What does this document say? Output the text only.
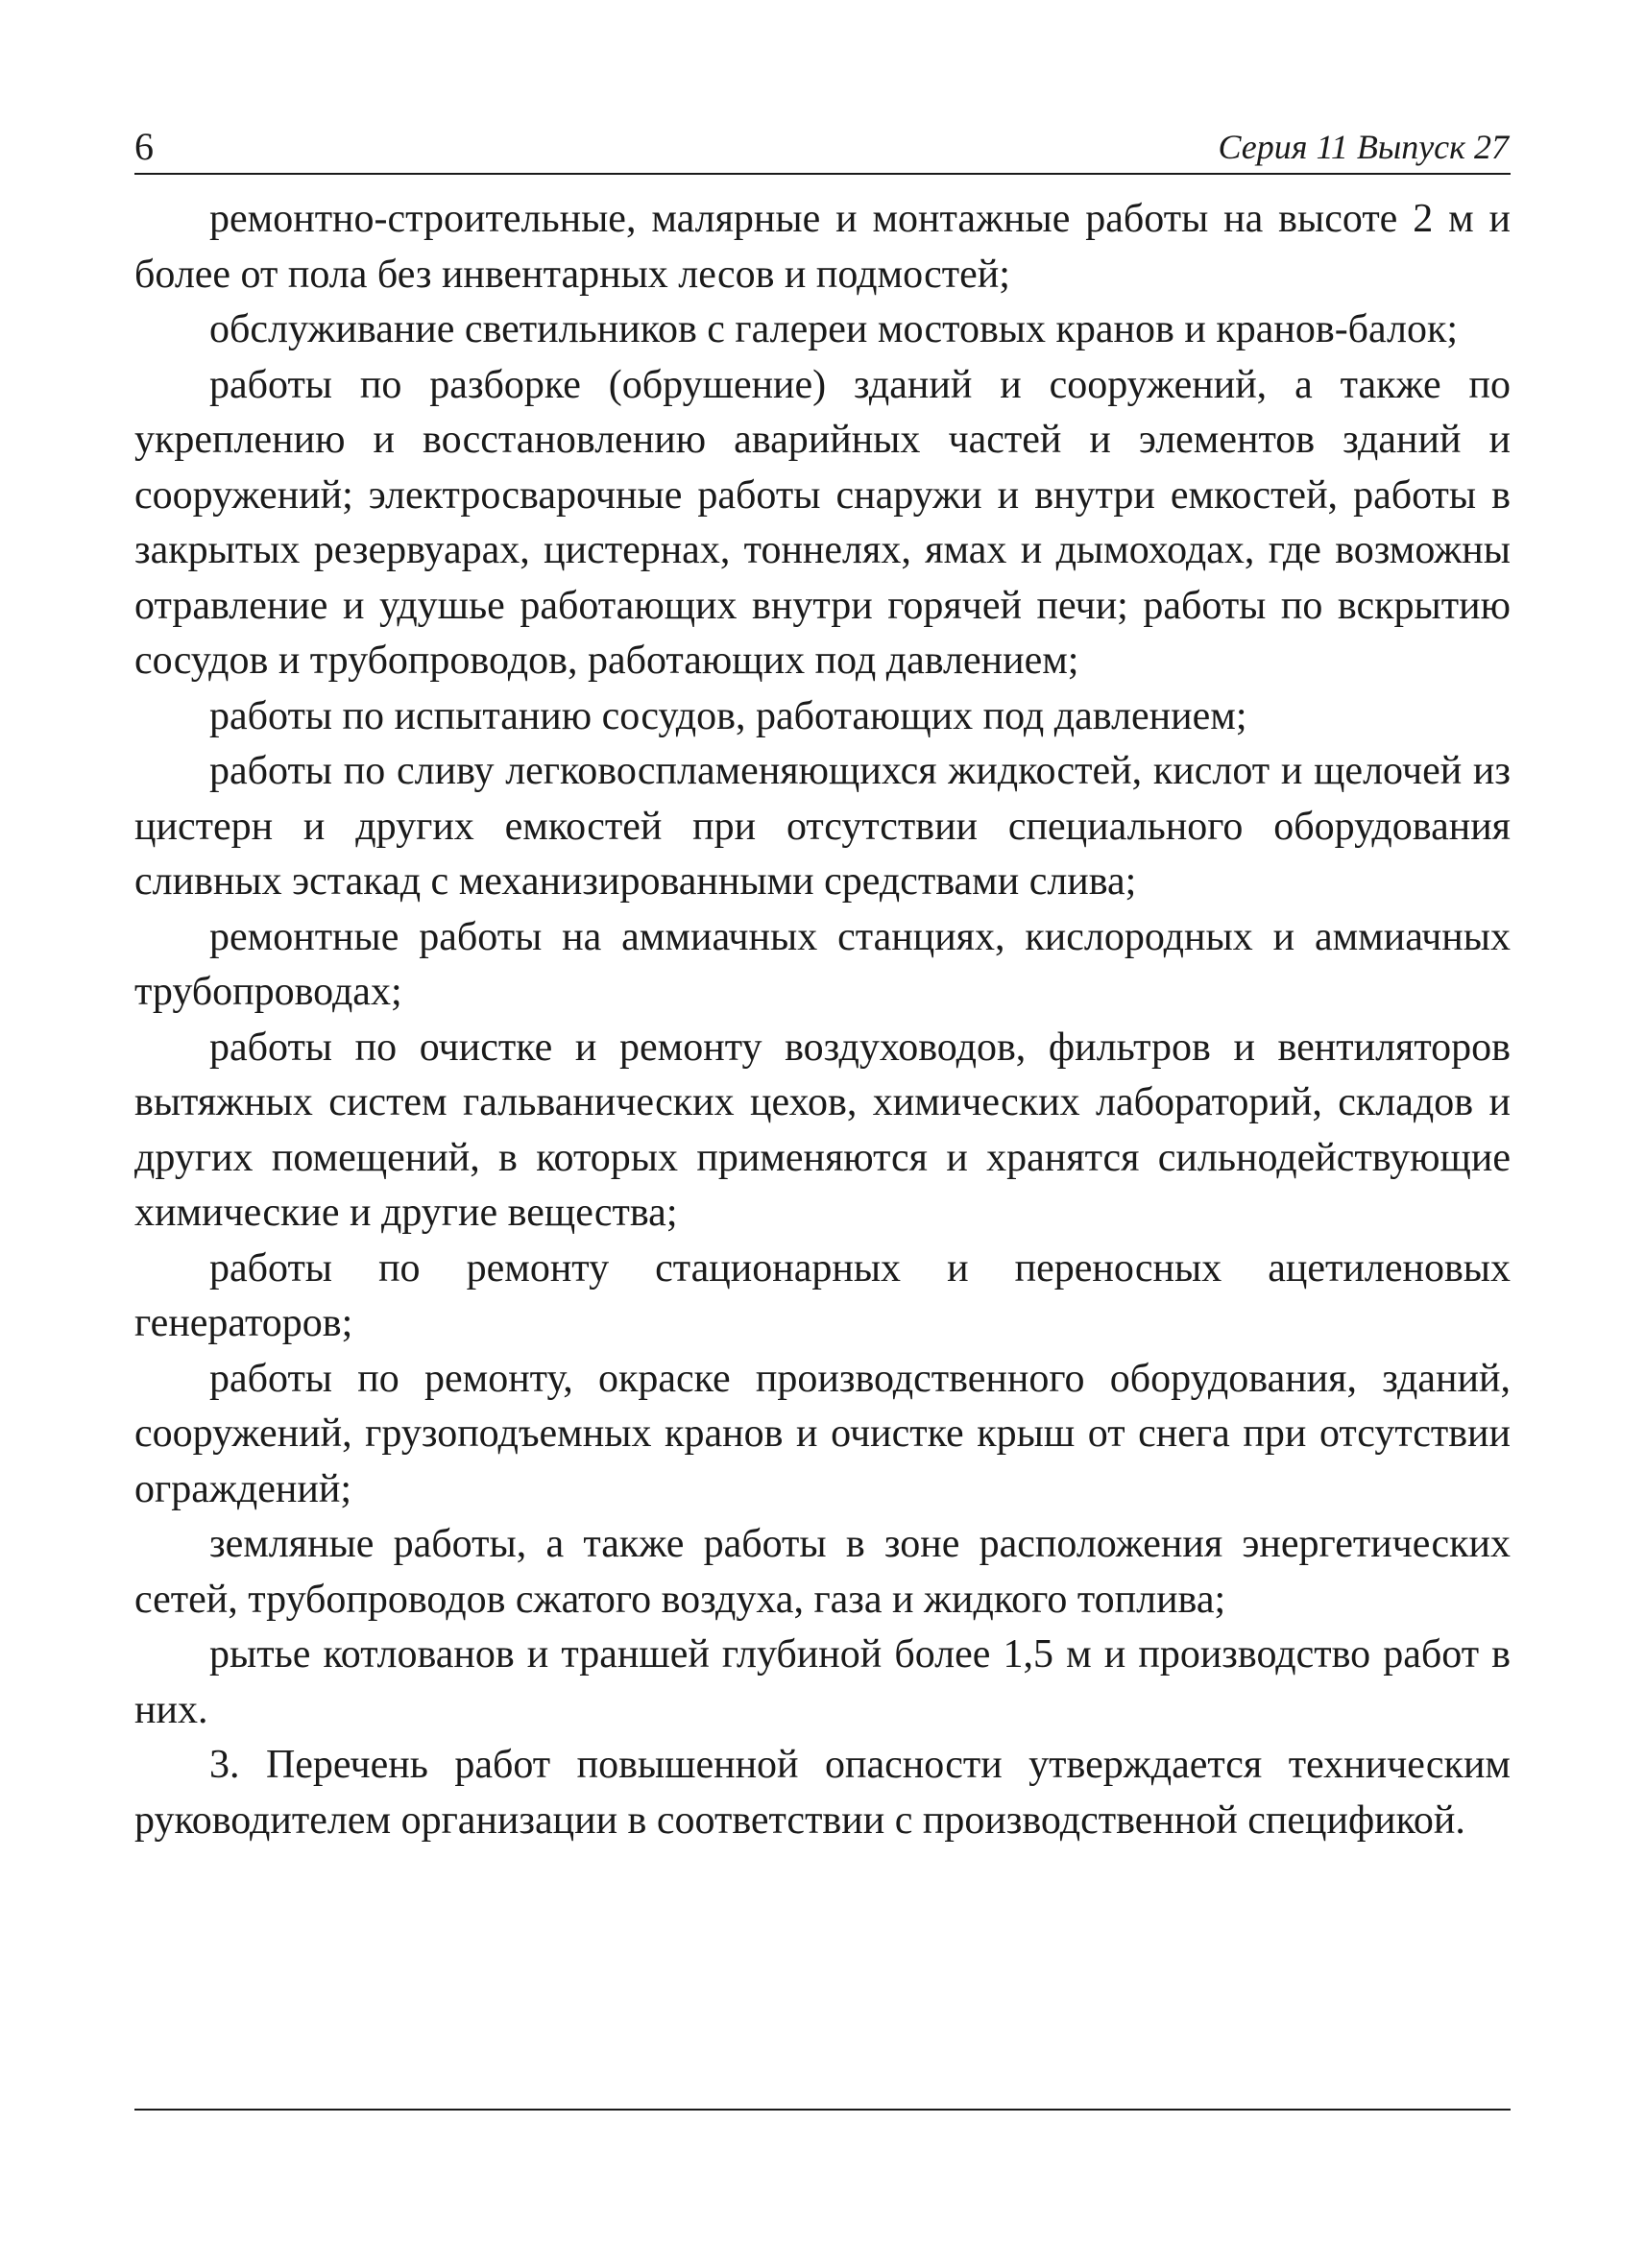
6	Серия 11 Выпуск 27

ремонтно-строительные, малярные и монтажные работы на высоте 2 м и более от пола без инвентарных лесов и подмостей;

обслуживание светильников с галереи мостовых кранов и кранов-балок;

работы по разборке (обрушение) зданий и сооружений, а также по укреплению и восстановлению аварийных частей и элементов зданий и сооружений; электросварочные работы снаружи и внутри емкостей, работы в закрытых резервуарах, цистернах, тоннелях, ямах и дымоходах, где возможны отравление и удушье работающих внутри горячей печи; работы по вскрытию сосудов и трубопроводов, работающих под давлением;

работы по испытанию сосудов, работающих под давлением;

работы по сливу легковоспламеняющихся жидкостей, кислот и щелочей из цистерн и других емкостей при отсутствии специального оборудования сливных эстакад с механизированными средствами слива;

ремонтные работы на аммиачных станциях, кислородных и аммиачных трубопроводах;

работы по очистке и ремонту воздуховодов, фильтров и вентиляторов вытяжных систем гальванических цехов, химических лабораторий, складов и других помещений, в которых применяются и хранятся сильнодействующие химические и другие вещества;

работы по ремонту стационарных и переносных ацетиленовых генераторов;

работы по ремонту, окраске производственного оборудования, зданий, сооружений, грузоподъемных кранов и очистке крыш от снега при отсутствии ограждений;

земляные работы, а также работы в зоне расположения энергетических сетей, трубопроводов сжатого воздуха, газа и жидкого топлива;

рытье котлованов и траншей глубиной более 1,5 м и производство работ в них.

3. Перечень работ повышенной опасности утверждается техническим руководителем организации в соответствии с производственной спецификой.
